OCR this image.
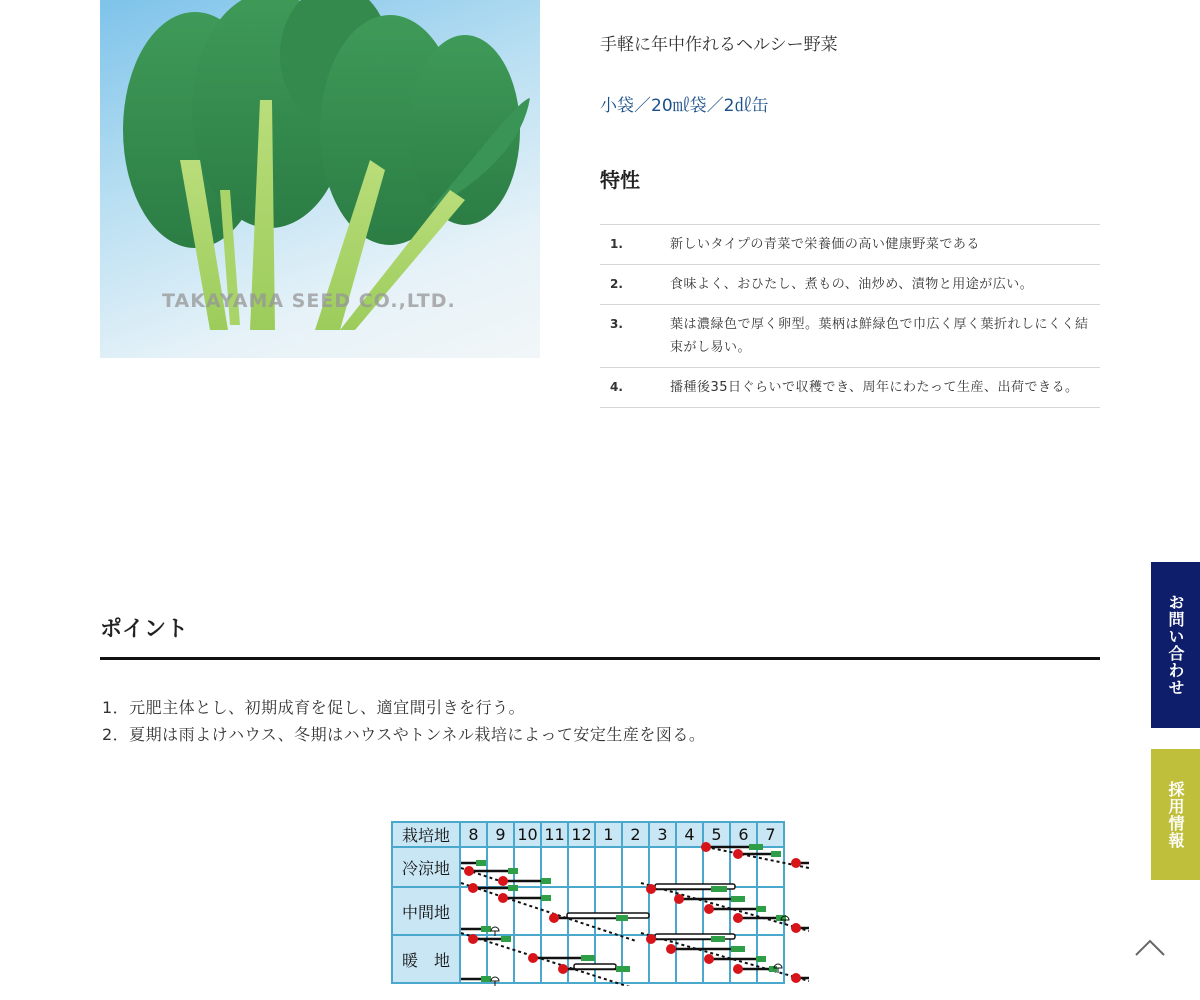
TAKAYAMA SEED CO.,LTD.
手軽に年中作れるヘルシー野菜
小袋／20㎖袋／2㎗缶
特性
1.	新しいタイプの青菜で栄養価の高い健康野菜である
2.	食味よく、おひたし、煮もの、油炒め、漬物と用途が広い。
3.	葉は濃緑色で厚く卵型。葉柄は鮮緑色で巾広く厚く葉折れしにくく結束がし易い。
4.	播種後35日ぐらいで収穫でき、周年にわたって生産、出荷できる。
ポイント
1．元肥主体とし、初期成育を促し、適宜間引きを行う。
2．夏期は雨よけハウス、冬期はハウスやトンネル栽培によって安定生産を図る。
栽培地	8	9	10	11	12	1	2	3	4	5	6	7
冷涼地												
中間地												
暖　地												
お問い合わせ
採用情報
